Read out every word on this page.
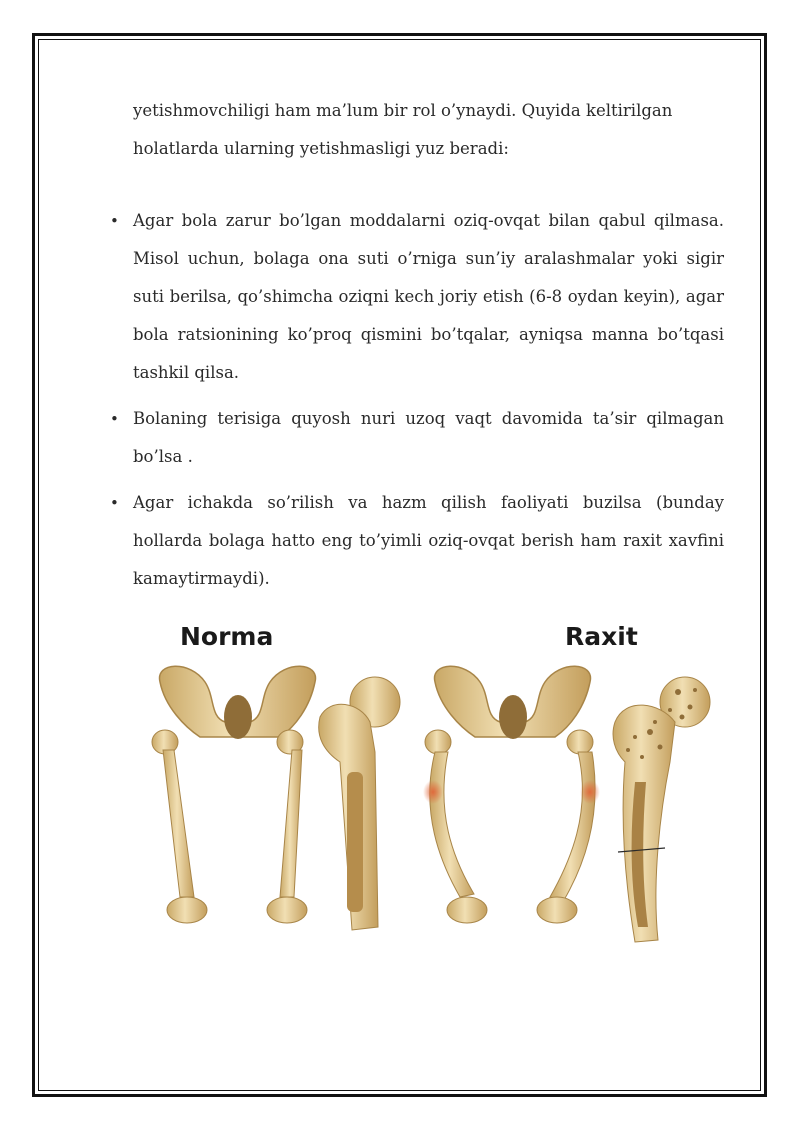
yetishmovchiligi ham ma’lum bir rol o’ynaydi. Quyida keltirilgan
holatlarda ularning yetishmasligi yuz beradi:

• Agar bola zarur bo’lgan moddalarni oziq-ovqat bilan qabul qilmasa. Misol uchun, bolaga ona suti o’rniga sun’iy aralashmalar yoki sigir suti berilsa, qo’shimcha oziqni kech joriy etish (6-8 oydan keyin), agar bola ratsionining ko’proq qismini bo’tqalar, ayniqsa manna bo’tqasi tashkil qilsa.
• Bolaning terisiga quyosh nuri uzoq vaqt davomida ta’sir qilmagan bo’lsa .
• Agar ichakda so’rilish va hazm qilish faoliyati buzilsa (bunday hollarda bolaga hatto eng to’yimli oziq-ovqat berish ham raxit xavfini kamaytirmaydi).
Norma	Raxit
